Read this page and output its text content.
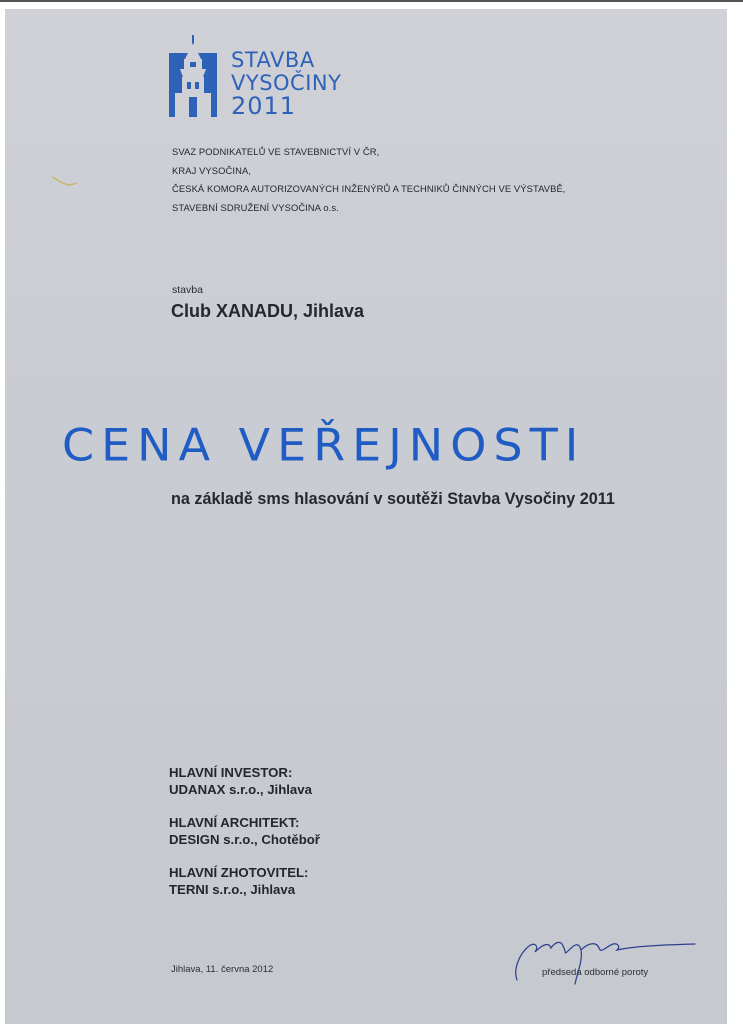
STAVBA
VYSOČINY
2011
SVAZ PODNIKATELŮ VE STAVEBNICTVÍ V ČR,
KRAJ VYSOČINA,
ČESKÁ KOMORA AUTORIZOVANÝCH INŽENÝRŮ A TECHNIKŮ ČINNÝCH VE VÝSTAVBĚ,
STAVEBNÍ SDRUŽENÍ VYSOČINA o.s.
stavba
Club XANADU, Jihlava
CENA VEŘEJNOSTI
na základě sms hlasování v soutěži Stavba Vysočiny 2011
HLAVNÍ INVESTOR:
UDANAX s.r.o., Jihlava
HLAVNÍ ARCHITEKT:
DESIGN s.r.o., Chotěboř
HLAVNÍ ZHOTOVITEL:
TERNI s.r.o., Jihlava
Jihlava, 11. června 2012	předseda odborné poroty
